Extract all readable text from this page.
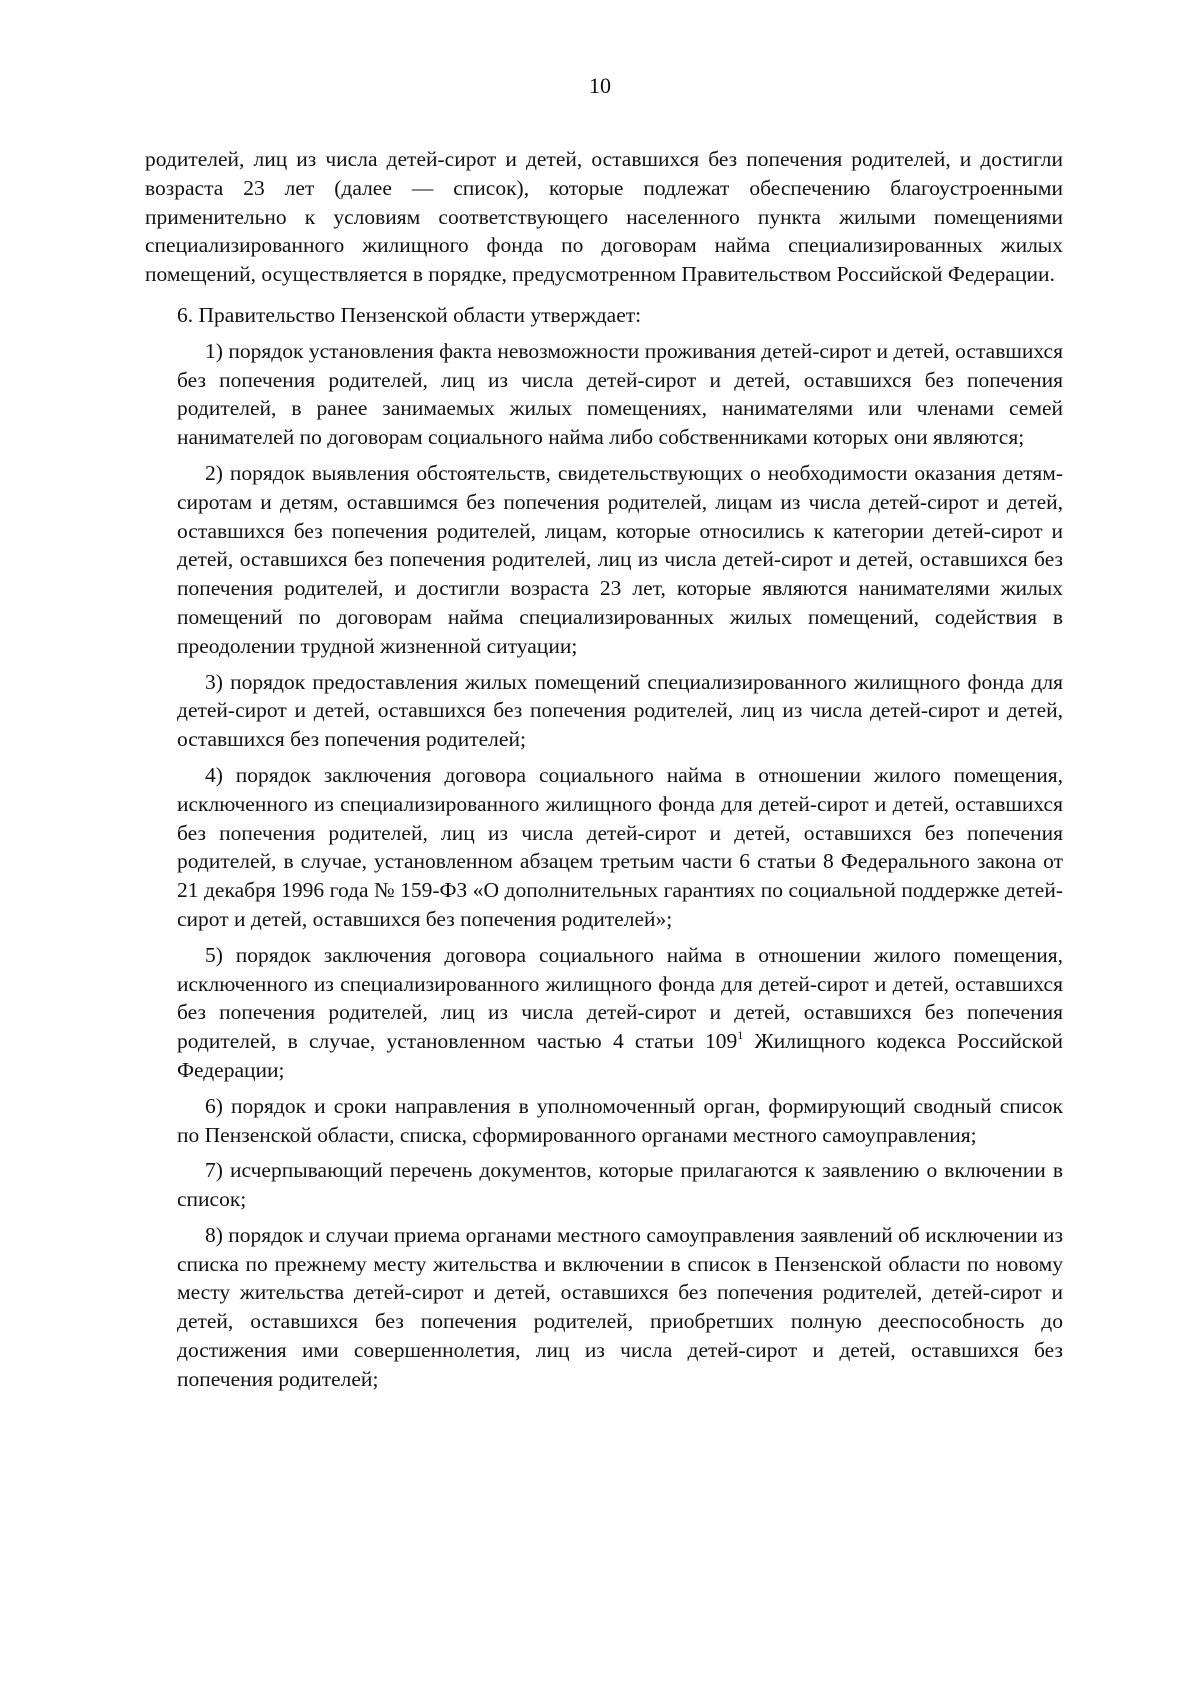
10

родителей, лиц из числа детей-сирот и детей, оставшихся без попечения родителей, и достигли возраста 23 лет (далее — список), которые подлежат обеспечению благоустроенными применительно к условиям соответствующего населенного пункта жилыми помещениями специализированного жилищного фонда по договорам найма специализированных жилых помещений, осуществляется в порядке, предусмотренном Правительством Российской Федерации.

6. Правительство Пензенской области утверждает:

1) порядок установления факта невозможности проживания детей-сирот и детей, оставшихся без попечения родителей, лиц из числа детей-сирот и детей, оставшихся без попечения родителей, в ранее занимаемых жилых помещениях, нанимателями или членами семей нанимателей по договорам социального найма либо собственниками которых они являются;

2) порядок выявления обстоятельств, свидетельствующих о необходимости оказания детям-сиротам и детям, оставшимся без попечения родителей, лицам из числа детей-сирот и детей, оставшихся без попечения родителей, лицам, которые относились к категории детей-сирот и детей, оставшихся без попечения родителей, лиц из числа детей-сирот и детей, оставшихся без попечения родителей, и достигли возраста 23 лет, которые являются нанимателями жилых помещений по договорам найма специализированных жилых помещений, содействия в преодолении трудной жизненной ситуации;

3) порядок предоставления жилых помещений специализированного жилищного фонда для детей-сирот и детей, оставшихся без попечения родителей, лиц из числа детей-сирот и детей, оставшихся без попечения родителей;

4) порядок заключения договора социального найма в отношении жилого помещения, исключенного из специализированного жилищного фонда для детей-сирот и детей, оставшихся без попечения родителей, лиц из числа детей-сирот и детей, оставшихся без попечения родителей, в случае, установленном абзацем третьим части 6 статьи 8 Федерального закона от 21 декабря 1996 года № 159-ФЗ «О дополнительных гарантиях по социальной поддержке детей-сирот и детей, оставшихся без попечения родителей»;

5) порядок заключения договора социального найма в отношении жилого помещения, исключенного из специализированного жилищного фонда для детей-сирот и детей, оставшихся без попечения родителей, лиц из числа детей-сирот и детей, оставшихся без попечения родителей, в случае, установленном частью 4 статьи $109^1$ Жилищного кодекса Российской Федерации;

6) порядок и сроки направления в уполномоченный орган, формирующий сводный список по Пензенской области, списка, сформированного органами местного самоуправления;

7) исчерпывающий перечень документов, которые прилагаются к заявлению о включении в список;

8) порядок и случаи приема органами местного самоуправления заявлений об исключении из списка по прежнему месту жительства и включении в список в Пензенской области по новому месту жительства детей-сирот и детей, оставшихся без попечения родителей, детей-сирот и детей, оставшихся без попечения родителей, приобретших полную дееспособность до достижения ими совершеннолетия, лиц из числа детей-сирот и детей, оставшихся без попечения родителей;
